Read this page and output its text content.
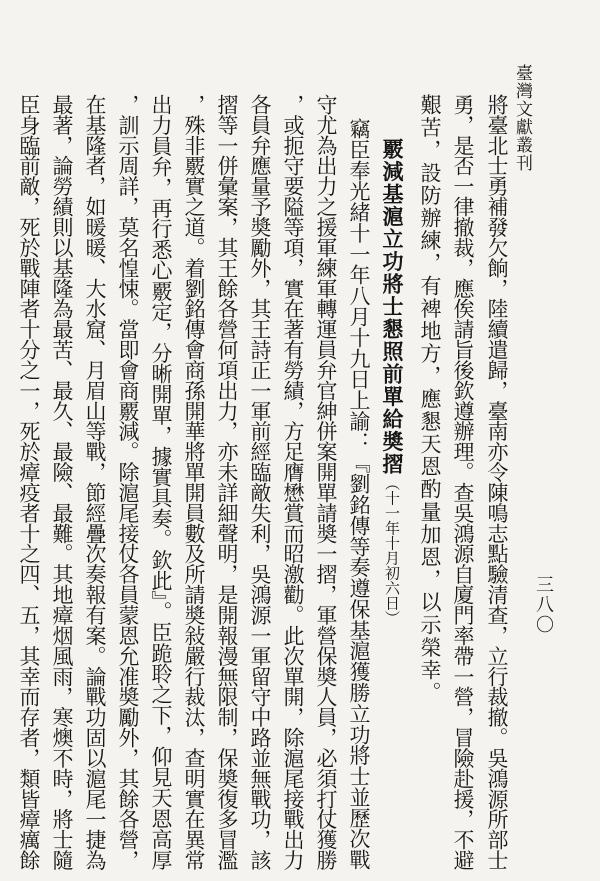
臺灣文獻叢刊
三八〇
將臺北士勇補發欠餉，陸續遣歸，臺南亦令陳鳴志點驗清查，立行裁撤。吳鴻源所部士
勇，是否一律撤裁，應俟請旨後欽遵辦理。查吳鴻源自廈門率帶一營，冒險赴援，不避
艱苦，設防辦練，有裨地方，應懇天恩酌量加恩，以示榮幸。
覈減基滬立功將士懇照前單給奬摺（十一年十月初六日）
竊臣奉光緒十一年八月十九日上諭：『劉銘傳等奏遵保基滬獲勝立功將士並歷次戰
守尤為出力之援軍練軍轉運員弁官紳併案開單請奬一摺，軍營保奬人員，必須打仗獲勝
，或扼守要隘等項，實在著有勞績，方足膺懋賞而昭激勸。此次單開，除滬尾接戰出力
各員弁應量予奬勵外，其王詩正一軍前經臨敵失利，吳鴻源一軍留守中路並無戰功，該
摺等一併彙案，其王餘各營何項出力，亦未詳細聲明，是開報漫無限制，保奬復多冒濫
，殊非覈實之道。着劉銘傳會商孫開華將單開員數及所請奬敍嚴行裁汰，查明實在異常
出力員弁，再行悉心覈定，分晰開單，據實具奏。欽此』。臣跪聆之下，仰見天恩高厚
，訓示周詳，莫名惶悚。當即會商覈減。除滬尾接仗各員蒙恩允准奬勵外，其餘各營，
在基隆者，如暖暖、大水窟、月眉山等戰，節經疊次奏報有案。論戰功固以滬尾一捷為
最著，論勞績則以基隆為最苦、最久、最險、最難。其地瘴烟風雨，寒燠不時，將士隨
臣身臨前敵，死於戰陣者十分之一，死於瘴疫者十之四、五，其幸而存者，類皆瘴癘餘
